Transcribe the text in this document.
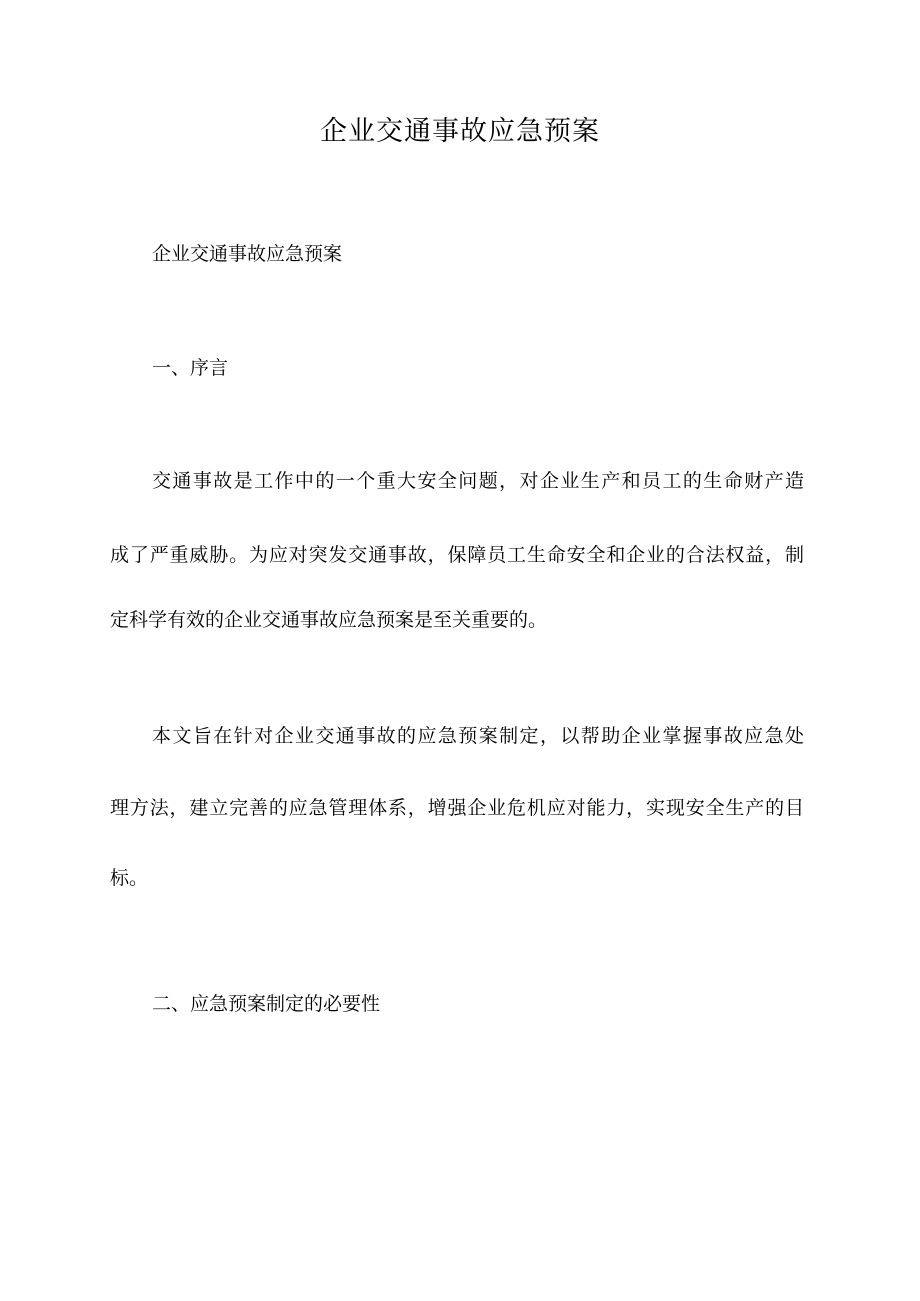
企业交通事故应急预案
企业交通事故应急预案
一、序言
交通事故是工作中的一个重大安全问题，对企业生产和员工的生命财产造
成了严重威胁。为应对突发交通事故，保障员工生命安全和企业的合法权益，制
定科学有效的企业交通事故应急预案是至关重要的。
本文旨在针对企业交通事故的应急预案制定，以帮助企业掌握事故应急处
理方法，建立完善的应急管理体系，增强企业危机应对能力，实现安全生产的目
标。
二、应急预案制定的必要性
